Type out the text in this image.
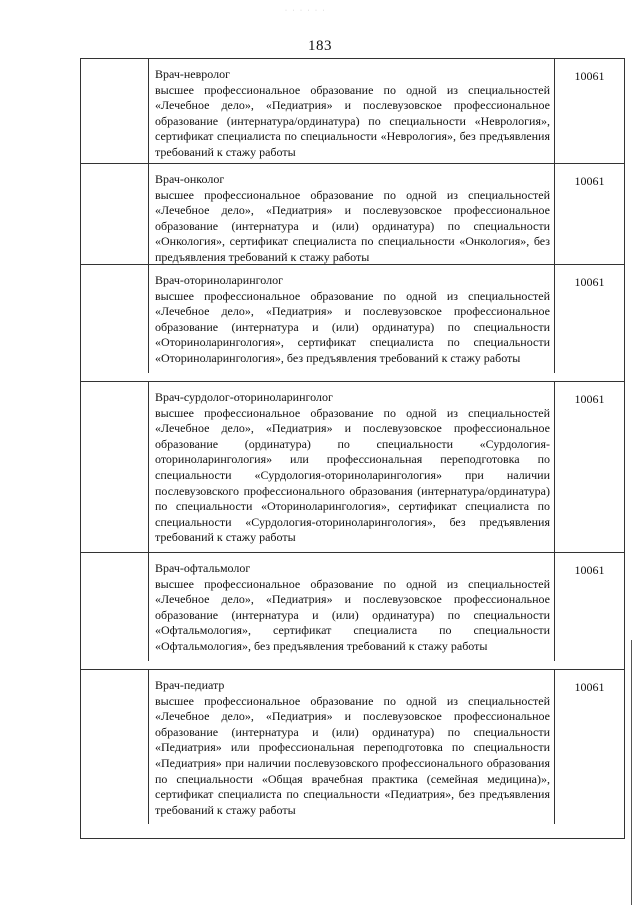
· · · · · ·
183
Врач-невролог
высшее профессиональное образование по одной из специальностей «Лечебное дело», «Педиатрия» и послевузовское профессиональное образование (интернатура/ординатура) по специальности «Неврология», сертификат специалиста по специальности «Неврология», без предъявления требований к стажу работы
10061
Врач-онколог
высшее профессиональное образование по одной из специальностей «Лечебное дело», «Педиатрия» и послевузовское профессиональное образование (интернатура и (или) ординатура) по специальности «Онкология», сертификат специалиста по специальности «Онкология», без предъявления требований к стажу работы
10061
Врач-оториноларинголог
высшее профессиональное образование по одной из специальностей «Лечебное дело», «Педиатрия» и послевузовское профессиональное образование (интернатура и (или) ординатура) по специальности «Оториноларингология», сертификат специалиста по специальности «Оториноларингология», без предъявления требований к стажу работы
10061
Врач-сурдолог-оториноларинголог
высшее профессиональное образование по одной из специальностей «Лечебное дело», «Педиатрия» и послевузовское профессиональное образование (ординатура) по специальности «Сурдология-оториноларингология» или профессиональная переподготовка по специальности «Сурдология-оториноларингология» при наличии послевузовского профессионального образования (интернатура/ординатура) по специальности «Оториноларингология», сертификат специалиста по специальности «Сурдология-оториноларингология», без предъявления требований к стажу работы
10061
Врач-офтальмолог
высшее профессиональное образование по одной из специальностей «Лечебное дело», «Педиатрия» и послевузовское профессиональное образование (интернатура и (или) ординатура) по специальности «Офтальмология», сертификат специалиста по специальности «Офтальмология», без предъявления требований к стажу работы
10061
Врач-педиатр
высшее профессиональное образование по одной из специальностей «Лечебное дело», «Педиатрия» и послевузовское профессиональное образование (интернатура и (или) ординатура) по специальности «Педиатрия» или профессиональная переподготовка по специальности «Педиатрия» при наличии послевузовского профессионального образования по специальности «Общая врачебная практика (семейная медицина)», сертификат специалиста по специальности «Педиатрия», без предъявления требований к стажу работы
10061
